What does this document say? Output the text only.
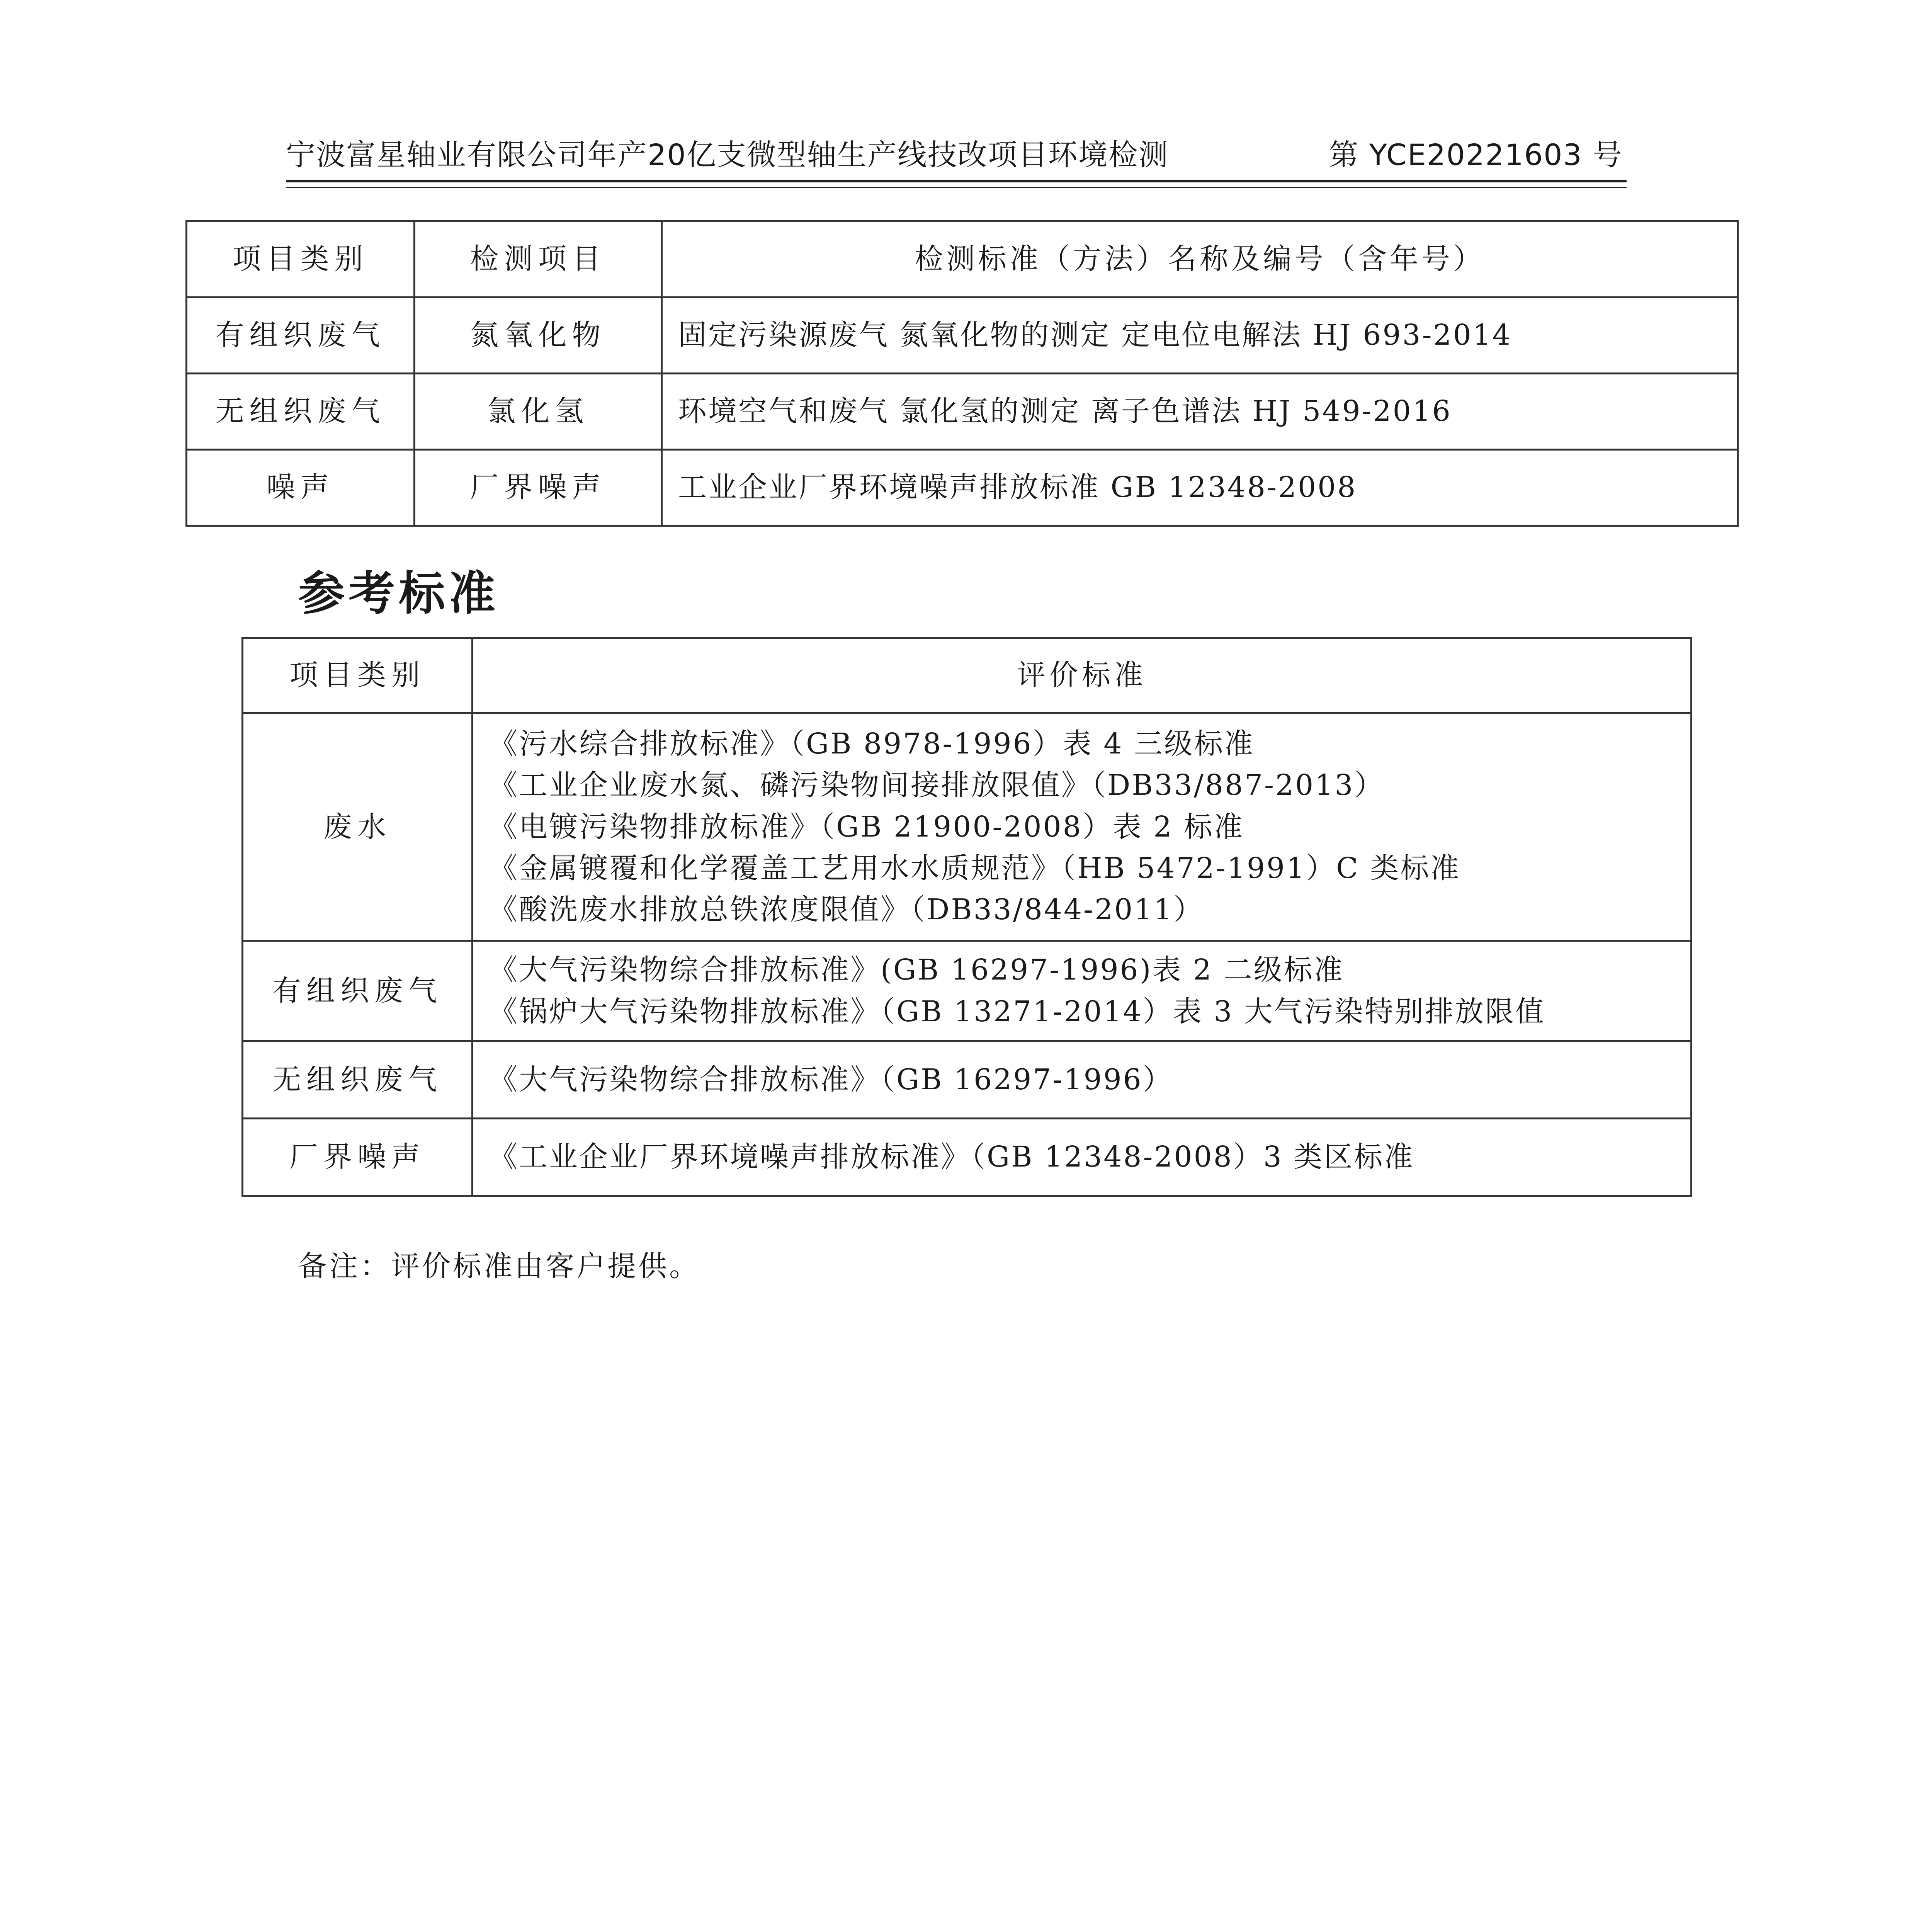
宁波富星轴业有限公司年产20亿支微型轴生产线技改项目环境检测	第 YCE20221603 号
项目类别	检测项目	检测标准（方法）名称及编号（含年号）
有组织废气	氮氧化物	固定污染源废气 氮氧化物的测定 定电位电解法 HJ 693-2014
无组织废气	氯化氢	环境空气和废气 氯化氢的测定 离子色谱法 HJ 549-2016
噪声	厂界噪声	工业企业厂界环境噪声排放标准 GB 12348-2008
参考标准
项目类别	评价标准
废水	《污水综合排放标准》（GB 8978-1996）表 4 三级标准
《工业企业废水氮、磷污染物间接排放限值》（DB33/887-2013）
《电镀污染物排放标准》（GB 21900-2008）表 2 标准
《金属镀覆和化学覆盖工艺用水水质规范》（HB 5472-1991）C 类标准
《酸洗废水排放总铁浓度限值》（DB33/844-2011）

有组织废气	《大气污染物综合排放标准》(GB 16297-1996)表 2 二级标准
《锅炉大气污染物排放标准》（GB 13271-2014）表 3 大气污染特别排放限值

无组织废气	《大气污染物综合排放标准》（GB 16297-1996）

厂界噪声	《工业企业厂界环境噪声排放标准》（GB 12348-2008）3 类区标准
备注：评价标准由客户提供。
